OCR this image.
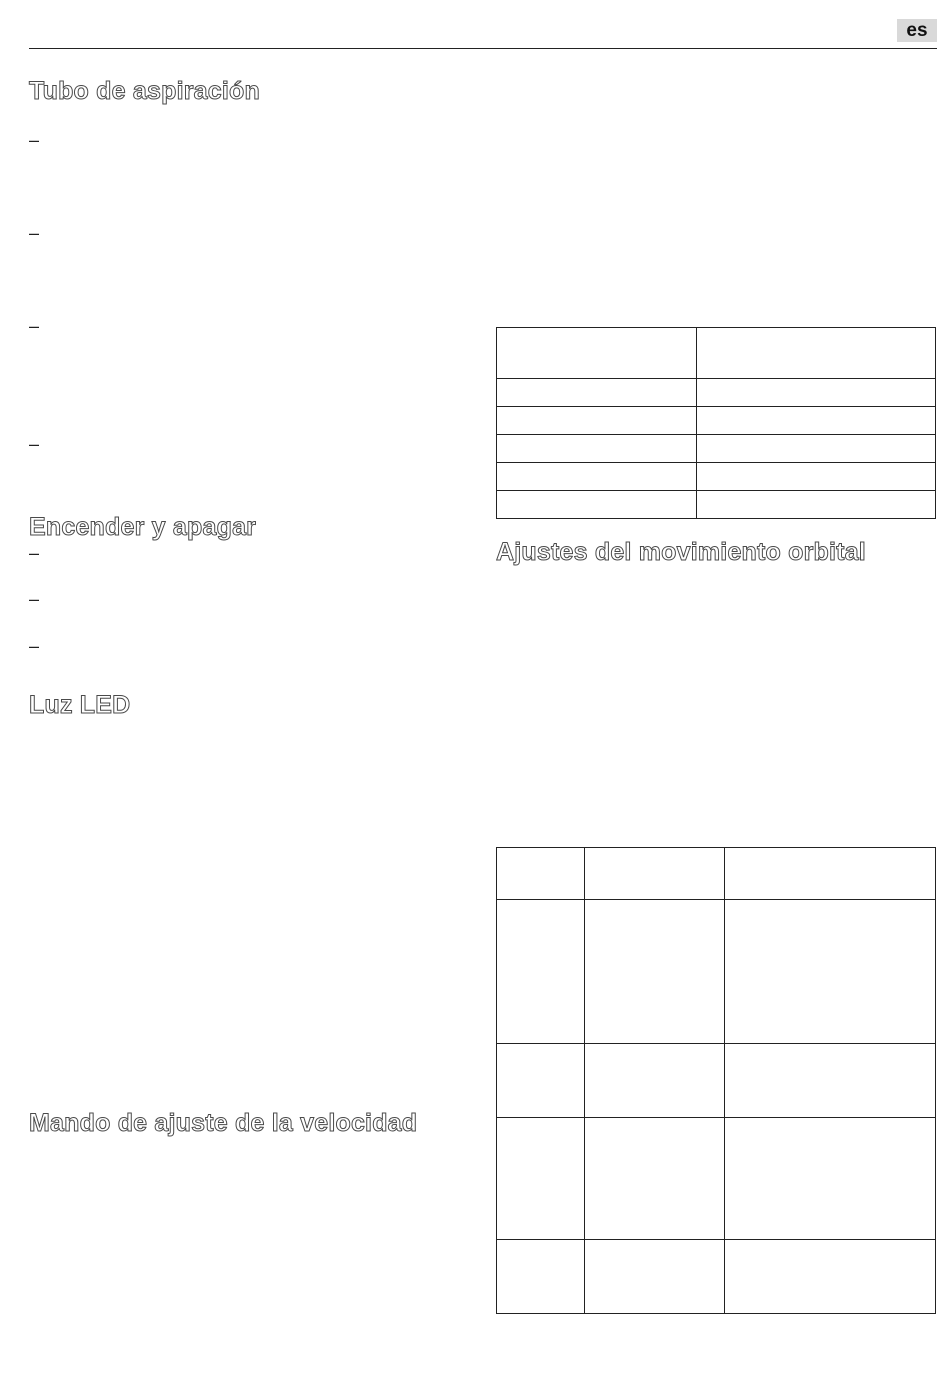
es
Tubo de aspiración
–
–
–
–
Encender y apagar
–
–
–
Luz LED
Mando de ajuste de la velocidad

Ajustes del movimiento orbital
